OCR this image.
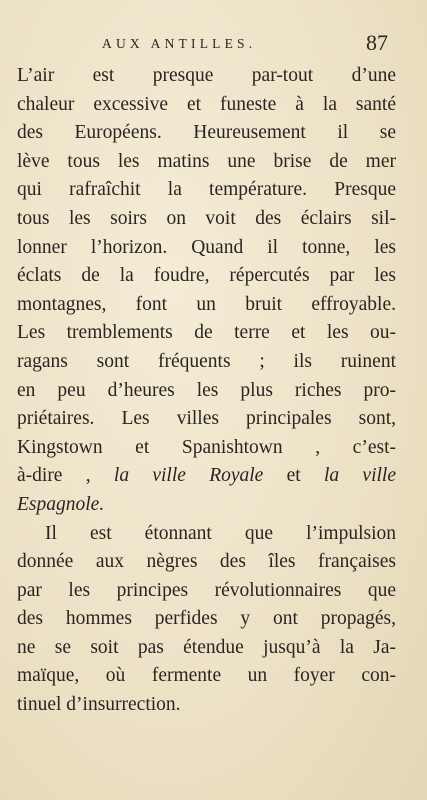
AUX ANTILLES.	87
L’air est presque par-tout d’une
chaleur excessive et funeste à la santé
des Européens. Heureusement il se
lève tous les matins une brise de mer
qui rafraîchit la température. Presque
tous les soirs on voit des éclairs sil-
lonner l’horizon. Quand il tonne, les
éclats de la foudre, répercutés par les
montagnes, font un bruit effroyable.
Les tremblements de terre et les ou-
ragans sont fréquents ; ils ruinent
en peu d’heures les plus riches pro-
priétaires. Les villes principales sont,
Kingstown et Spanishtown , c’est-
à-dire , la ville Royale et la ville
Espagnole.
Il est étonnant que l’impulsion
donnée aux nègres des îles françaises
par les principes révolutionnaires que
des hommes perfides y ont propagés,
ne se soit pas étendue jusqu’à la Ja-
maïque, où fermente un foyer con-
tinuel d’insurrection.
